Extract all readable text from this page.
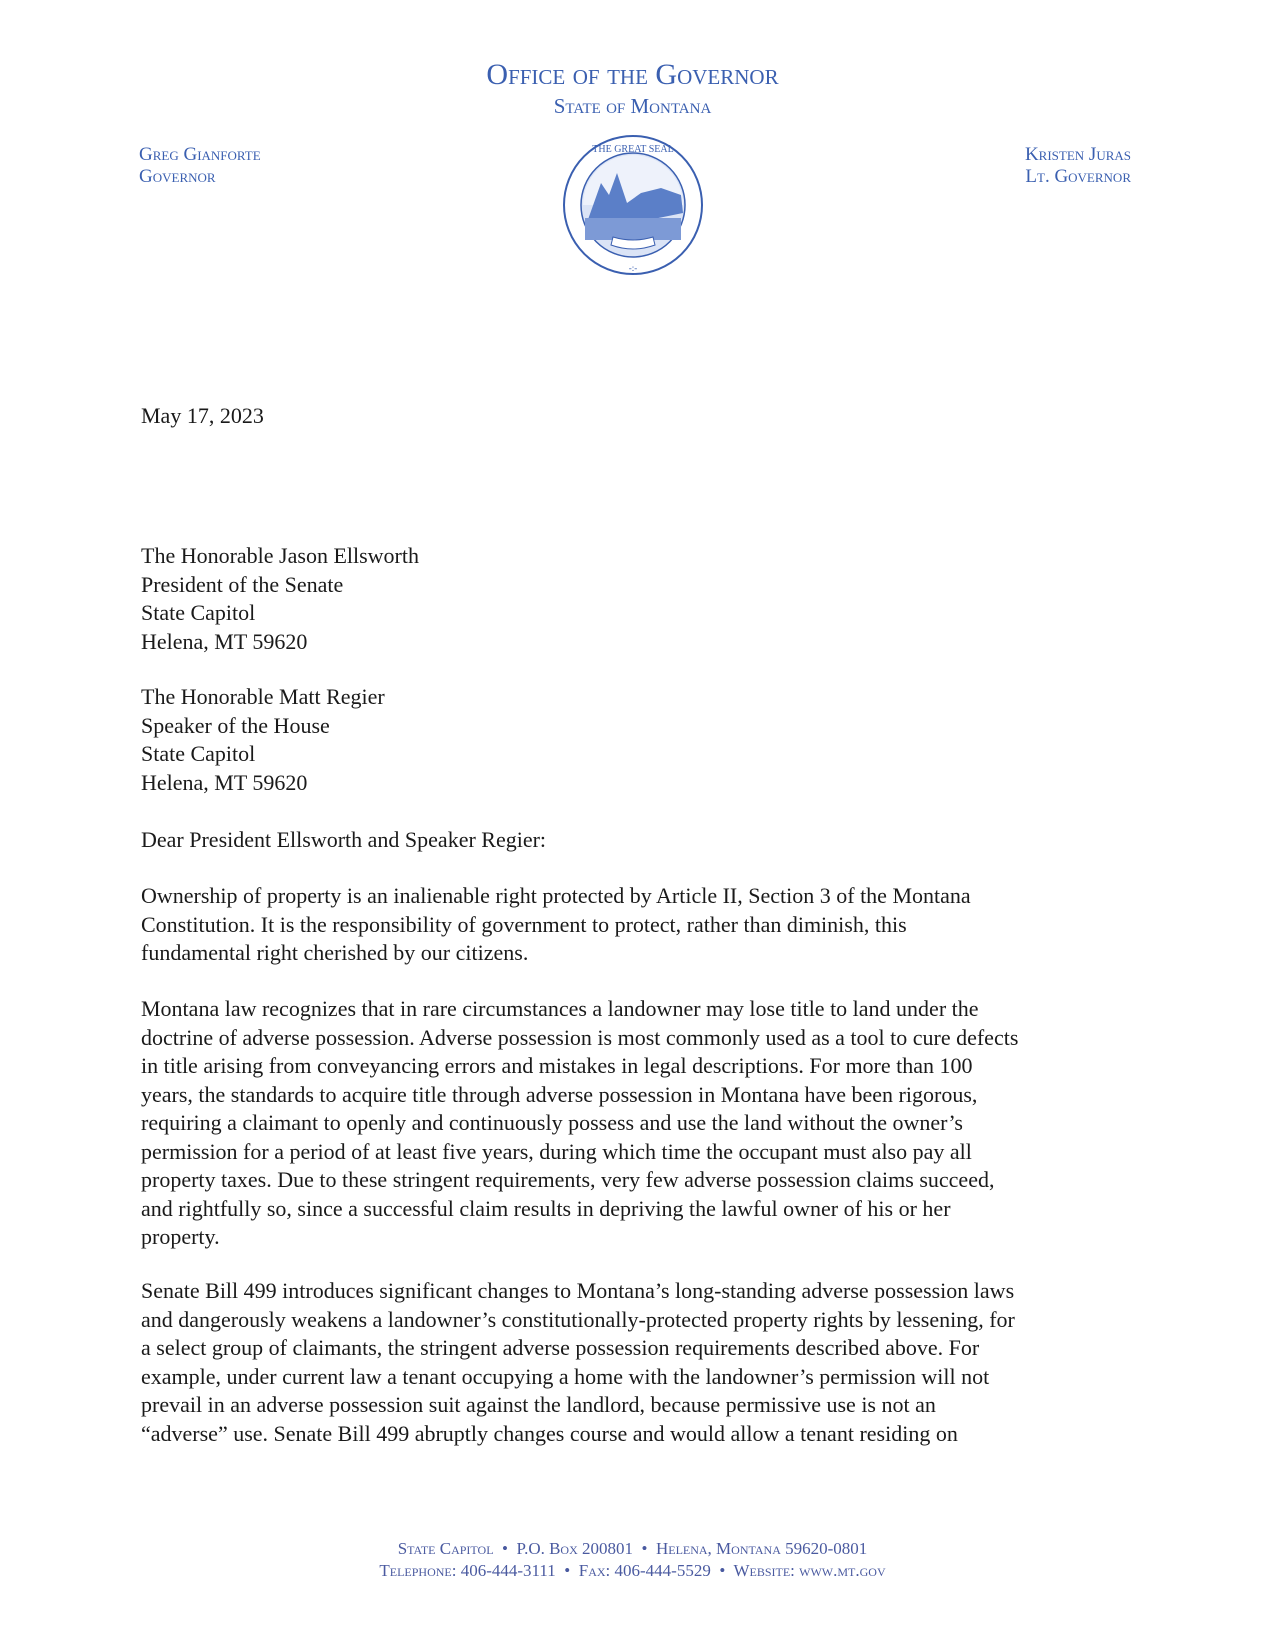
Office of the Governor
State of Montana
Greg Gianforte
Governor
Kristen Juras
Lt. Governor
THE GREAT SEAL
-:-
May 17, 2023
The Honorable Jason Ellsworth
President of the Senate
State Capitol
Helena, MT 59620
The Honorable Matt Regier
Speaker of the House
State Capitol
Helena, MT 59620
Dear President Ellsworth and Speaker Regier:
Ownership of property is an inalienable right protected by Article II, Section 3 of the Montana
Constitution. It is the responsibility of government to protect, rather than diminish, this
fundamental right cherished by our citizens.
Montana law recognizes that in rare circumstances a landowner may lose title to land under the
doctrine of adverse possession. Adverse possession is most commonly used as a tool to cure defects
in title arising from conveyancing errors and mistakes in legal descriptions. For more than 100
years, the standards to acquire title through adverse possession in Montana have been rigorous,
requiring a claimant to openly and continuously possess and use the land without the owner’s
permission for a period of at least five years, during which time the occupant must also pay all
property taxes. Due to these stringent requirements, very few adverse possession claims succeed,
and rightfully so, since a successful claim results in depriving the lawful owner of his or her
property.
Senate Bill 499 introduces significant changes to Montana’s long-standing adverse possession laws
and dangerously weakens a landowner’s constitutionally-protected property rights by lessening, for
a select group of claimants, the stringent adverse possession requirements described above. For
example, under current law a tenant occupying a home with the landowner’s permission will not
prevail in an adverse possession suit against the landlord, because permissive use is not an
“adverse” use. Senate Bill 499 abruptly changes course and would allow a tenant residing on
State Capitol  •  P.O. Box 200801  •  Helena, Montana 59620-0801
Telephone: 406-444-3111  •  Fax: 406-444-5529  •  Website: www.mt.gov
